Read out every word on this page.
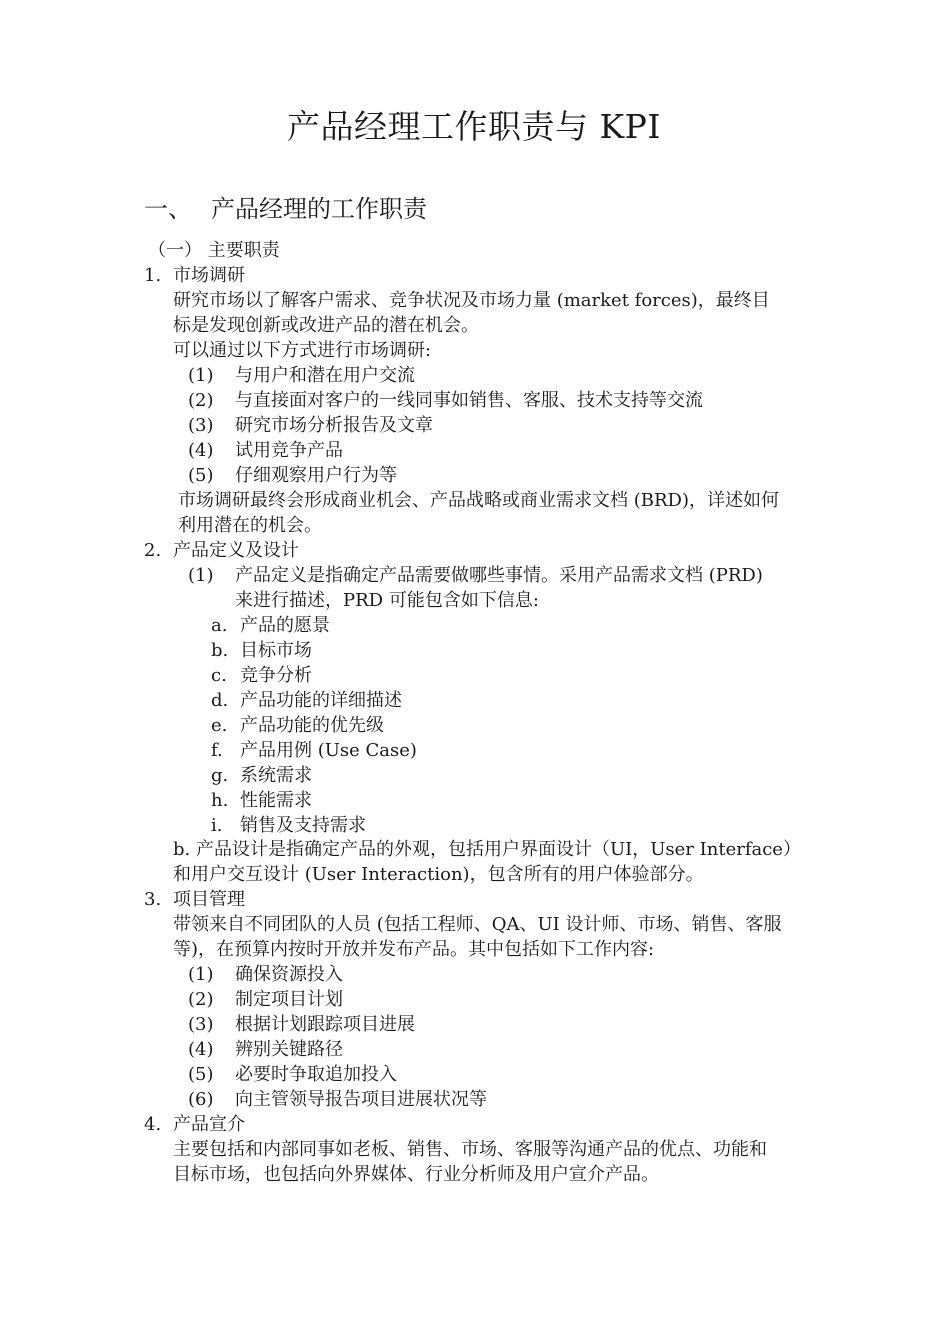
产品经理工作职责与 KPI
一、 产品经理的工作职责
（一） 主要职责
1. 市场调研
研究市场以了解客户需求、竞争状况及市场力量 (market forces)，最终目
标是发现创新或改进产品的潜在机会。
可以通过以下方式进行市场调研:
(1) 与用户和潜在用户交流
(2) 与直接面对客户的一线同事如销售、客服、技术支持等交流
(3) 研究市场分析报告及文章
(4) 试用竞争产品
(5) 仔细观察用户行为等
市场调研最终会形成商业机会、产品战略或商业需求文档 (BRD)，详述如何
利用潜在的机会。
2. 产品定义及设计
(1) 产品定义是指确定产品需要做哪些事情。采用产品需求文档 (PRD)
来进行描述，PRD 可能包含如下信息:
a. 产品的愿景
b. 目标市场
c. 竞争分析
d. 产品功能的详细描述
e. 产品功能的优先级
f. 产品用例 (Use Case)
g. 系统需求
h. 性能需求
i. 销售及支持需求
b. 产品设计是指确定产品的外观，包括用户界面设计（UI，User Interface）
和用户交互设计 (User Interaction)，包含所有的用户体验部分。
3. 项目管理
带领来自不同团队的人员 (包括工程师、QA、UI 设计师、市场、销售、客服
等)，在预算内按时开放并发布产品。其中包括如下工作内容:
(1) 确保资源投入
(2) 制定项目计划
(3) 根据计划跟踪项目进展
(4) 辨别关键路径
(5) 必要时争取追加投入
(6) 向主管领导报告项目进展状况等
4. 产品宣介
主要包括和内部同事如老板、销售、市场、客服等沟通产品的优点、功能和
目标市场，也包括向外界媒体、行业分析师及用户宣介产品。
